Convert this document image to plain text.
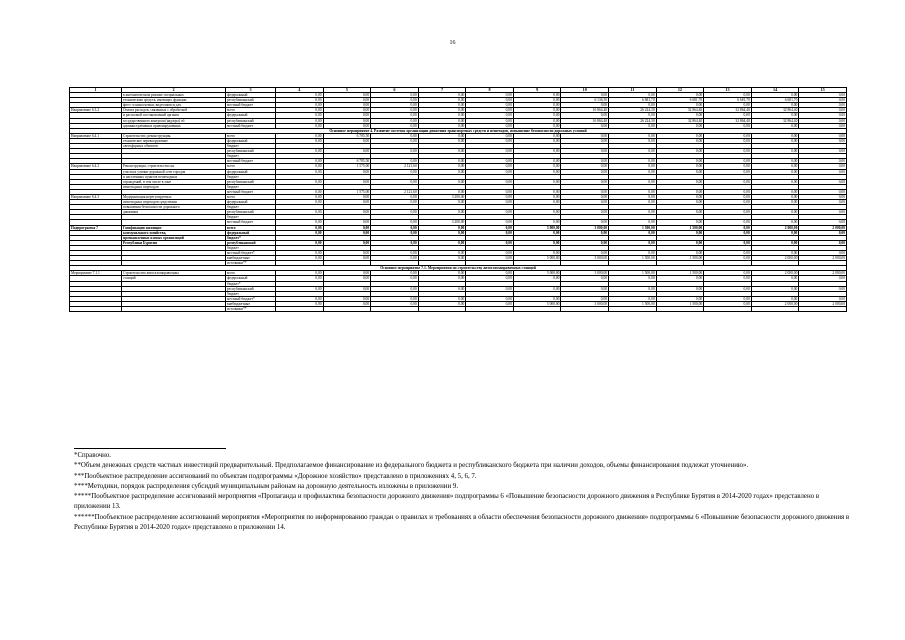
16
1	2	3	4	5	6	7	8	9	10	11	12	13	14	15
	в ангоматическом режиме специальных	федеральный	0,00	0,00	0,00	0,00	0,00	0,00	0,00	0,00	0,00	0,00	0,00	0,00
	техническим средств, имеющих функции	республиканский	0,00	0,00	0,00	0,00	0,00	0,00	6 136,50	6 681,70	6 681,70	6 681,70	6 681,70	0,00
	фото- и киносъемки, видеозаписи для	местный бюджет	0,00	0,00	0,00	0,00	0,00	0,00	0,00	0,00	0,00	0,00	0,00	0,00
Направление 6.3.2	Оплата расходов, связанных с обработкой	всего	0,00	0,00	0,00	0,00	0,00	0,00	16 864,40	26 224,30	32 864,40	32 864,40	32 864,40	0,00
	и рассылкой постановлений органов	федеральный	0,00	0,00	0,00	0,00	0,00	0,00	0,00	0,00	0,00	0,00	0,00	0,00
	государственного контроля (надзора) об	республиканский	0,00	0,00	0,00	0,00	0,00	0,00	16 864,40	26 224,30	32 864,40	32 864,40	32 864,40	0,00
	административных правонарушениях	местный бюджет	0,00	0,00	0,00	0,00	0,00	0,00	0,00	0,00	0,00	0,00	0,00	0,00
Основное мероприятие 4. Развитие системы организации движения транспортных средств и пешеходов, повышение безопасности дорожных условий														
Направление 6.4.1	Строительство, реконструкция,	всего	0,00	6 785,50	0,00	0,00	0,00	0,00	0,00	0,00	0,00	0,00	0,00	0,00
	техническое перевооружение	федеральный	0,00	0,00	0,00	0,00	0,00	0,00	0,00	0,00	0,00	0,00	0,00	0,00
	светофорных объектов	бюджет												
		республиканский	0,00	0,00	0,00	0,00	0,00	0,00	0,00	0,00	0,00	0,00	0,00	0,00
		бюджет												
		местный бюджет	0,00	6 785,50	0,00	0,00	0,00	0,00	0,00	0,00	0,00	0,00	0,00	0,00
Направление 6.4.2	Реконструкция, строительство на	всего	0,00	1 575,00	2 121,60	0,00	0,00	0,00	0,00	0,00	0,00	0,00	0,00	0,00
	участках улично-дорожной сети городов	федеральный	0,00	0,00	0,00	0,00	0,00	0,00	0,00	0,00	0,00	0,00	0,00	0,00
	и населенных пунктов пешеходных	бюджет												
	ограждений, в том числе в зоне	республиканский	0,00	0,00	0,00	0,00	0,00	0,00	0,00	0,00	0,00	0,00	0,00	0,00
	пешеходных переходов	бюджет												
		местный бюджет	0,00	1 575,00	2 121,60	0,00	0,00	0,00	0,00	0,00	0,00	0,00	0,00	0,00
Направление 6.4.3	Модернизация нерегулируемых	всего	0,00	0,00	0,00	3 200,00	0,00	0,00	0,00	0,00	0,00	0,00	0,00	0,00
	пешеходных переходов средствами	федеральный	0,00	0,00	0,00	0,00	0,00	0,00	0,00	0,00	0,00	0,00	0,00	0,00
	повышения безопасности дорожного	бюджет												
	движения	республиканский	0,00	0,00	0,00	0,00	0,00	0,00	0,00	0,00	0,00	0,00	0,00	0,00
		бюджет												
		местный бюджет	0,00	0,00	0,00	3 200,00	0,00	0,00	0,00	0,00	0,00	0,00	0,00	0,00
Подпрограмма 7	Газификация жилищно-	всего	0,00	0,00	0,00	0,00	0,00	5 000,00	3 000,00	1 500,00	1 500,00	0,00	2 000,00	2 000,00
	коммунального хозяйства,	федеральный	0,00	0,00	0,00	0,00	0,00	0,00	0,00	0,00	0,00	0,00	0,00	0,00
	промышленных и иных организаций	бюджет*												
	Республики Бурятия	республиканский	0,00	0,00	0,00	0,00	0,00	0,00	0,00	0,00	0,00	0,00	0,00	0,00
		бюджет												
		местный бюджет*	0,00	0,00	0,00	0,00	0,00	0,00	0,00	0,00	0,00	0,00	0,00	0,00
		внебюджетные	0,00	0,00	0,00	0,00	0,00	5 000,00	3 000,00	1 500,00	1 500,00	0,00	2 000,00	2 000,00
		источники**												
Основное мероприятие 7.1. Мероприятия по строительству автогазозаправочных станций														
Мероприятие 7.1.1	Строительство автогазозаправочных	всего	0,00	0,00	0,00	0,00	0,00	5 000,00	3 000,00	1 500,00	1 500,00	0,00	2 000,00	2 000,00
	станций	федеральный	0,00	0,00	0,00	0,00	0,00	0,00	0,00	0,00	0,00	0,00	0,00	0,00
		бюджет*												
		республиканский	0,00	0,00	0,00	0,00	0,00	0,00	0,00	0,00	0,00	0,00	0,00	0,00
		бюджет												
		местный бюджет*	0,00	0,00	0,00	0,00	0,00	0,00	0,00	0,00	0,00	0,00	0,00	0,00
		внебюджетные	0,00	0,00	0,00	0,00	0,00	5 000,00	3 000,00	1 500,00	1 500,00	0,00	2 000,00	2 000,00
		источники**												

*Справочно.

**Объем денежных средств частных инвестиций предварительный. Предполагаемое финансирование из федерального бюджета и республиканского бюджета при наличии доходов, объемы финансирования подлежат уточнению».

***Пообъектное распределение ассигнований по объектам подпрограммы «Дорожное хозяйство» представлено в приложениях 4, 5, 6, 7.

****Методики, порядок распределения субсидий муниципальным районам на дорожную деятельность изложены в приложении 9.

*****Пообъектное распределение ассигнований мероприятия «Пропаганда и профилактика безопасности дорожного движения» подпрограммы 6 «Повышение безопасности дорожного движения в Республике Бурятия в 2014-2020 годах» представлено в приложении 13.

******Пообъектное распределение ассигнований мероприятия «Мероприятия по информированию граждан о правилах и требованиях в области обеспечения безопасности дорожного движения» подпрограммы 6 «Повышение безопасности дорожного движения в Республике Бурятия в 2014-2020 годах» представлено в приложении 14.
